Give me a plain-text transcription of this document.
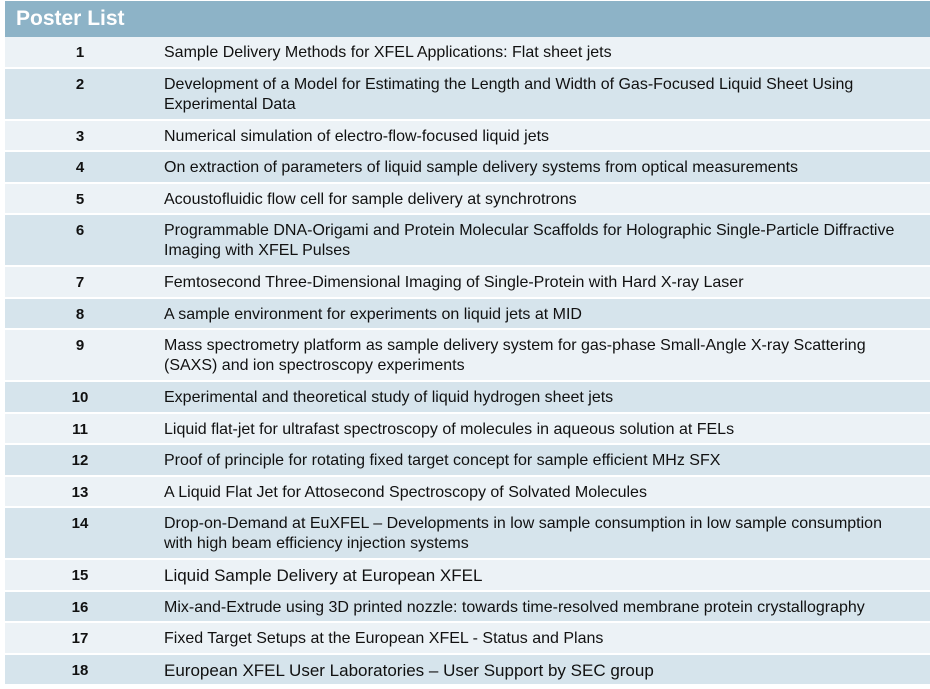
Poster List
1	Sample Delivery Methods for XFEL Applications: Flat sheet jets
2	Development of a Model for Estimating the Length and Width of Gas-Focused Liquid Sheet Using Experimental Data
3	Numerical simulation of electro-flow-focused liquid jets
4	On extraction of parameters of liquid sample delivery systems from optical measurements
5	Acoustofluidic flow cell for sample delivery at synchrotrons
6	Programmable DNA-Origami and Protein Molecular Scaffolds for Holographic Single-Particle Diffractive Imaging with XFEL Pulses
7	Femtosecond Three-Dimensional Imaging of Single-Protein with Hard X-ray Laser
8	A sample environment for experiments on liquid jets at MID
9	Mass spectrometry platform as sample delivery system for gas-phase Small-Angle X-ray Scattering (SAXS) and ion spectroscopy experiments
10	Experimental and theoretical study of liquid hydrogen sheet jets
11	Liquid flat-jet for ultrafast spectroscopy of molecules in aqueous solution at FELs
12	Proof of principle for rotating fixed target concept for sample efficient MHz SFX
13	A Liquid Flat Jet for Attosecond Spectroscopy of Solvated Molecules
14	Drop-on-Demand at EuXFEL – Developments in low sample consumption in low sample consumption with high beam efficiency injection systems
15	Liquid Sample Delivery at European XFEL
16	Mix-and-Extrude using 3D printed nozzle: towards time-resolved membrane protein crystallography
17	Fixed Target Setups at the European XFEL - Status and Plans
18	European XFEL User Laboratories – User Support by SEC group
